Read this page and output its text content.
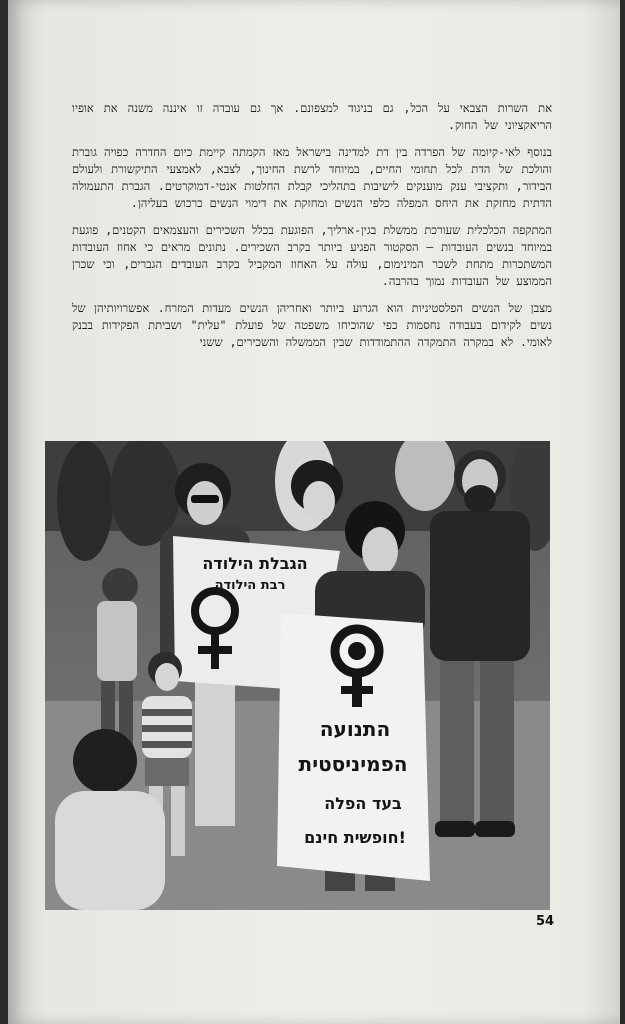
את השרות הצבאי על הכל, גם בניגוד למצפונם. אך גם עובדה זו איננה משנה את אופיו הריאקציוני של החוק.

בנוסף לאי-קיומה של הפרדה בין דת למדינה בישראל מאז הקמתה קיימת כיום החדרה כפויה גוברת והולכת של הדת לכל תחומי החיים, במיוחד לרשת החינוך, לצבא, לאמצעי התיקשורת ולעולם הבידור, ותקציבי ענק מוענקים לישיבות בתהליכי קבלת החלטות אנטי-דמוקרטים. הגברת התעמולה הדתית מחזקת את היחס המפלה כלפי הנשים ומחזקת את דימוי הנשים כרכוש בעליהן.

המתקפה הכלכלית שעורכת ממשלת בגין-ארליך, הפוגעת בכלל השכירים והעצמאים הקטנים, פוגעת במיוחד בנשים העובדות – הסקטור הפגיע ביותר בקרב השכירים. נתונים מראים כי אחוז העובדות המשתכרות מתחת לשכר המינימום, עולה על האחוז המקביל בקרב העובדים הגברים, וכי שכרן הממוצע של העובדות נמוך בהרבה.

מצבן של הנשים הפלסטיניות הוא הגרוע ביותר ואחריהן הנשים מעדות המזרח. אפשרויותיהן של נשים לקידום בעבודה נחסמות כפי שהוכיחו משפטה של פועלת "עלית" ושביתת הפקידות בבנק לאומי. לא במקרה התמקדה ההתמודדות שבין הממשלה והשכירים, ששני

הגבלת הילודה
רבת הילודה
התנועה
הפמיניסטית
בעד הפלה
חופשית חינם!
54
